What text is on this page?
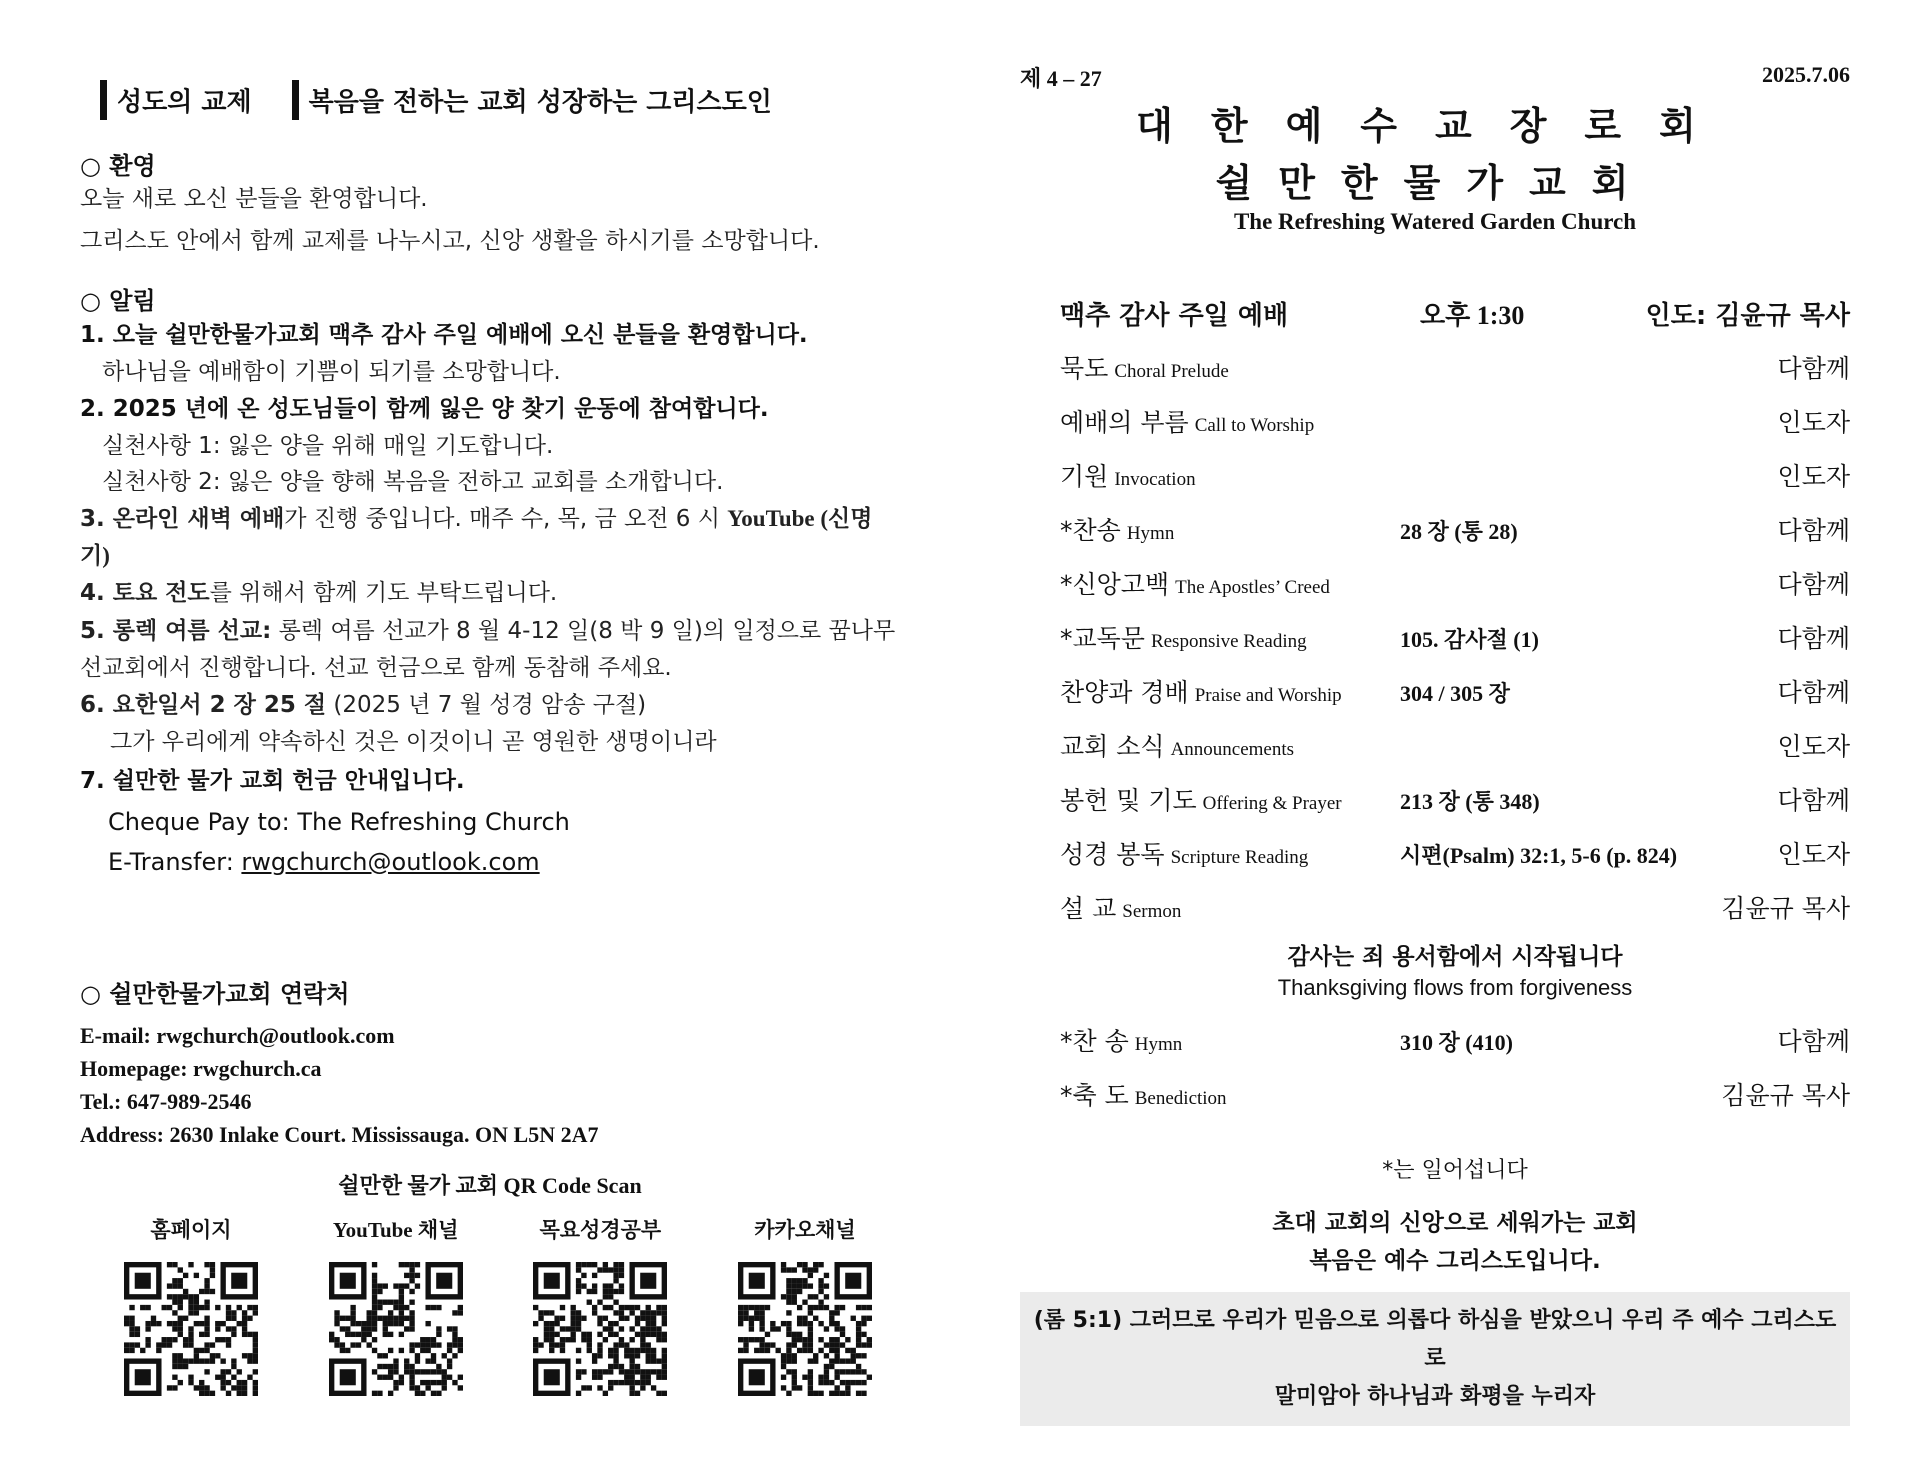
성도의 교제	복음을 전하는 교회 성장하는 그리스도인
○ 환영
오늘 새로 오신 분들을 환영합니다.
그리스도 안에서 함께 교제를 나누시고, 신앙 생활을 하시기를 소망합니다.
○ 알림
1. 오늘 쉴만한물가교회 맥추 감사 주일 예배에 오신 분들을 환영합니다.
하나님을 예배함이 기쁨이 되기를 소망합니다.
2. 2025 년에 온 성도님들이 함께 잃은 양 찾기 운동에 참여합니다.
실천사항 1: 잃은 양을 위해 매일 기도합니다.
실천사항 2: 잃은 양을 향해 복음을 전하고 교회를 소개합니다.
3. 온라인 새벽 예배가 진행 중입니다. 매주 수, 목, 금 오전 6 시 YouTube (신명기)
4. 토요 전도를 위해서 함께 기도 부탁드립니다.
5. 롱렉 여름 선교: 롱렉 여름 선교가 8 월 4-12 일(8 박 9 일)의 일정으로 꿈나무
선교회에서 진행합니다. 선교 헌금으로 함께 동참해 주세요.
6. 요한일서 2 장 25 절 (2025 년 7 월 성경 암송 구절)
그가 우리에게 약속하신 것은 이것이니 곧 영원한 생명이니라
7. 쉴만한 물가 교회 헌금 안내입니다.
Cheque Pay to: The Refreshing Church
E-Transfer: rwgchurch@outlook.com
○ 쉴만한물가교회 연락처
E-mail: rwgchurch@outlook.com
Homepage: rwgchurch.ca
Tel.: 647-989-2546
Address: 2630 Inlake Court. Mississauga. ON L5N 2A7
쉴만한 물가 교회 QR Code Scan
홈페이지	YouTube 채널	목요성경공부	카카오채널
제 4 – 27	2025.7.06
대한예수교장로회
쉴만한물가교회
The Refreshing Watered Garden Church
맥추 감사 주일 예배	오후 1:30	인도: 김윤규 목사
묵도 Choral Prelude	다함께
예배의 부름 Call to Worship	인도자
기원 Invocation	인도자
*찬송 Hymn	28 장 (통 28)	다함께
*신앙고백 The Apostles’ Creed	다함께
*교독문 Responsive Reading	105. 감사절 (1)	다함께
찬양과 경배 Praise and Worship	304 / 305 장	다함께
교회 소식 Announcements	인도자
봉헌 및 기도 Offering & Prayer	213 장 (통 348)	다함께
성경 봉독 Scripture Reading	시편(Psalm) 32:1, 5-6 (p. 824)	인도자
설 교 Sermon	김윤규 목사
감사는 죄 용서함에서 시작됩니다
Thanksgiving flows from forgiveness
*찬 송 Hymn	310 장 (410)	다함께
*축 도 Benediction	김윤규 목사
*는 일어섭니다
초대 교회의 신앙으로 세워가는 교회
복음은 예수 그리스도입니다.
(롬 5:1) 그러므로 우리가 믿음으로 의롭다 하심을 받았으니 우리 주 예수 그리스도로
말미암아 하나님과 화평을 누리자
